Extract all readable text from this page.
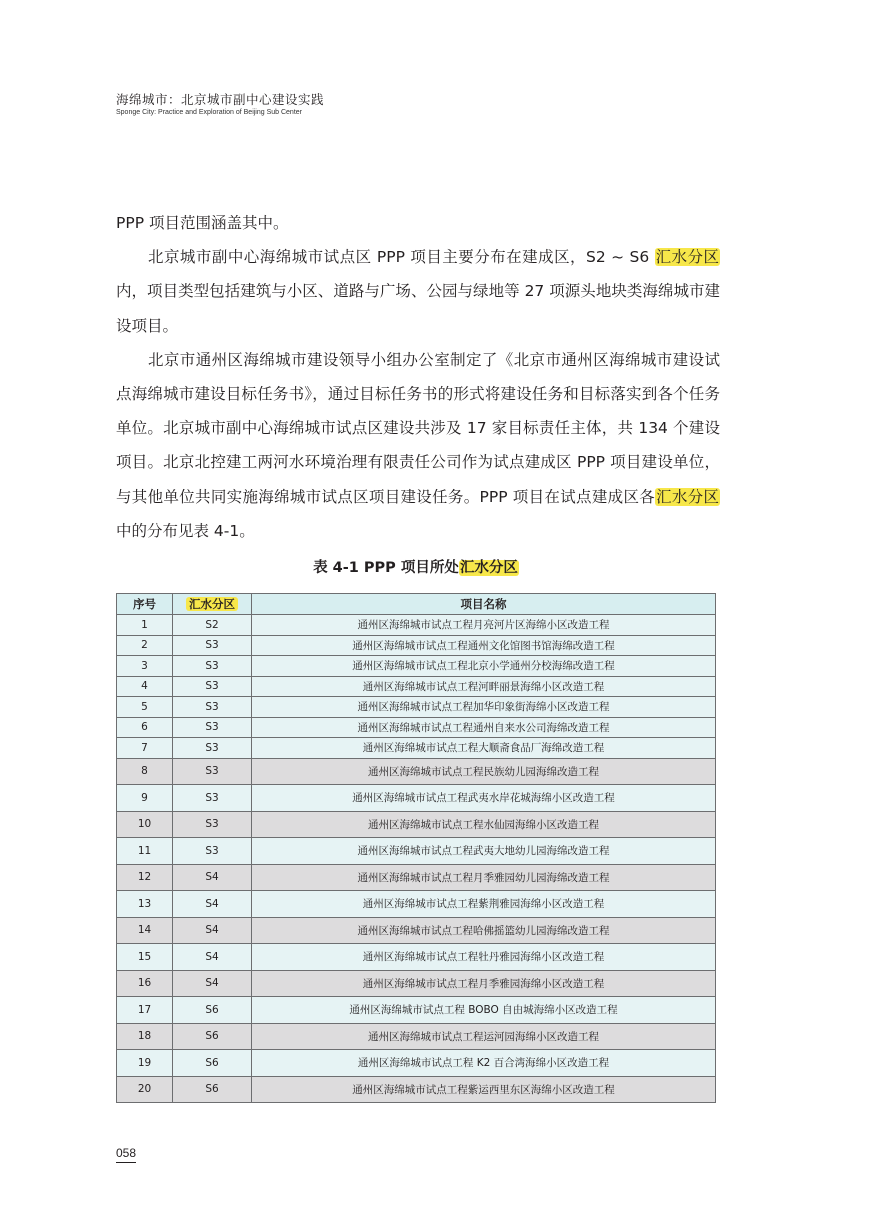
海绵城市：北京城市副中心建设实践
Sponge City: Practice and Exploration of Beijing Sub Center

PPP 项目范围涵盖其中。

北京城市副中心海绵城市试点区 PPP 项目主要分布在建成区，S2 ~ S6 汇水分区内，项目类型包括建筑与小区、道路与广场、公园与绿地等 27 项源头地块类海绵城市建设项目。

北京市通州区海绵城市建设领导小组办公室制定了《北京市通州区海绵城市建设试点海绵城市建设目标任务书》，通过目标任务书的形式将建设任务和目标落实到各个任务单位。北京城市副中心海绵城市试点区建设共涉及 17 家目标责任主体，共 134 个建设项目。北京北控建工两河水环境治理有限责任公司作为试点建成区 PPP 项目建设单位，与其他单位共同实施海绵城市试点区项目建设任务。PPP 项目在试点建成区各汇水分区中的分布见表 4-1。

表 4-1 PPP 项目所处汇水分区
序号	汇水分区	项目名称
1	S2	通州区海绵城市试点工程月亮河片区海绵小区改造工程
2	S3	通州区海绵城市试点工程通州文化馆图书馆海绵改造工程
3	S3	通州区海绵城市试点工程北京小学通州分校海绵改造工程
4	S3	通州区海绵城市试点工程河畔丽景海绵小区改造工程
5	S3	通州区海绵城市试点工程加华印象街海绵小区改造工程
6	S3	通州区海绵城市试点工程通州自来水公司海绵改造工程
7	S3	通州区海绵城市试点工程大顺斋食品厂海绵改造工程
8	S3	通州区海绵城市试点工程民族幼儿园海绵改造工程
9	S3	通州区海绵城市试点工程武夷水岸花城海绵小区改造工程
10	S3	通州区海绵城市试点工程水仙园海绵小区改造工程
11	S3	通州区海绵城市试点工程武夷大地幼儿园海绵改造工程
12	S4	通州区海绵城市试点工程月季雅园幼儿园海绵改造工程
13	S4	通州区海绵城市试点工程紫荆雅园海绵小区改造工程
14	S4	通州区海绵城市试点工程哈佛摇篮幼儿园海绵改造工程
15	S4	通州区海绵城市试点工程牡丹雅园海绵小区改造工程
16	S4	通州区海绵城市试点工程月季雅园海绵小区改造工程
17	S6	通州区海绵城市试点工程 BOBO 自由城海绵小区改造工程
18	S6	通州区海绵城市试点工程运河园海绵小区改造工程
19	S6	通州区海绵城市试点工程 K2 百合湾海绵小区改造工程
20	S6	通州区海绵城市试点工程紫运西里东区海绵小区改造工程
058
